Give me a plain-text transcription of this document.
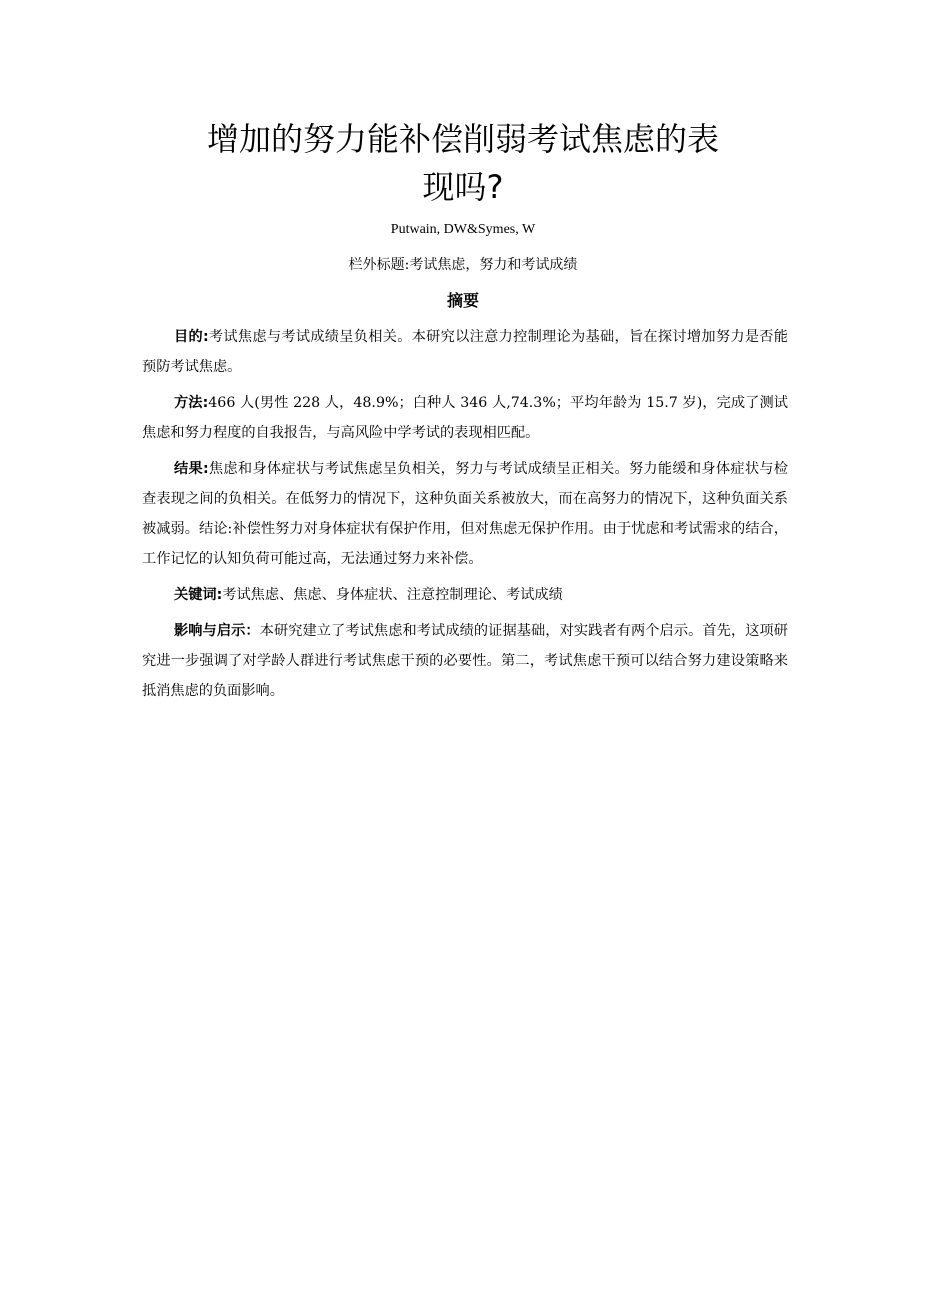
增加的努力能补偿削弱考试焦虑的表
现吗?
Putwain, DW&Symes, W
栏外标题:考试焦虑，努力和考试成绩
摘要

目的:考试焦虑与考试成绩呈负相关。本研究以注意力控制理论为基础，旨在探讨增加努力是否能预防考试焦虑。

方法:466 人(男性 228 人，48.9%；白种人 346 人,74.3%；平均年龄为 15.7 岁)，完成了测试焦虑和努力程度的自我报告，与高风险中学考试的表现相匹配。

结果:焦虑和身体症状与考试焦虑呈负相关，努力与考试成绩呈正相关。努力能缓和身体症状与检查表现之间的负相关。在低努力的情况下，这种负面关系被放大，而在高努力的情况下，这种负面关系被减弱。结论:补偿性努力对身体症状有保护作用，但对焦虑无保护作用。由于忧虑和考试需求的结合，工作记忆的认知负荷可能过高，无法通过努力来补偿。

关键词:考试焦虑、焦虑、身体症状、注意控制理论、考试成绩

影响与启示：本研究建立了考试焦虑和考试成绩的证据基础，对实践者有两个启示。首先，这项研究进一步强调了对学龄人群进行考试焦虑干预的必要性。第二，考试焦虑干预可以结合努力建设策略来抵消焦虑的负面影响。
